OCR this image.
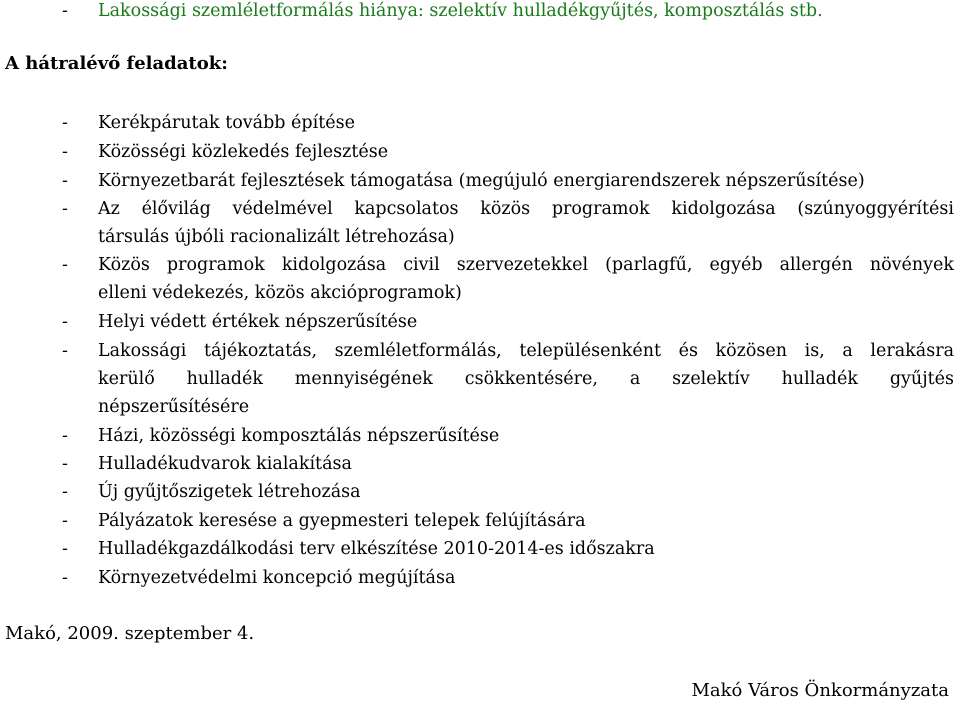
- Lakossági szemléletformálás hiánya: szelektív hulladékgyűjtés, komposztálás stb.
A hátralévő feladatok:
- Kerékpárutak tovább építése
- Közösségi közlekedés fejlesztése
- Környezetbarát fejlesztések támogatása (megújuló energiarendszerek népszerűsítése)
- Az élővilág védelmével kapcsolatos közös programok kidolgozása (szúnyoggyérítési
társulás újbóli racionalizált létrehozása)
- Közös programok kidolgozása civil szervezetekkel (parlagfű, egyéb allergén növények
elleni védekezés, közös akcióprogramok)
- Helyi védett értékek népszerűsítése
- Lakossági tájékoztatás, szemléletformálás, településenként és közösen is, a lerakásra
kerülő hulladék mennyiségének csökkentésére, a szelektív hulladék gyűjtés
népszerűsítésére
- Házi, közösségi komposztálás népszerűsítése
- Hulladékudvarok kialakítása
- Új gyűjtőszigetek létrehozása
- Pályázatok keresése a gyepmesteri telepek felújítására
- Hulladékgazdálkodási terv elkészítése 2010-2014-es időszakra
- Környezetvédelmi koncepció megújítása
Makó, 2009. szeptember 4.
Makó Város Önkormányzata
